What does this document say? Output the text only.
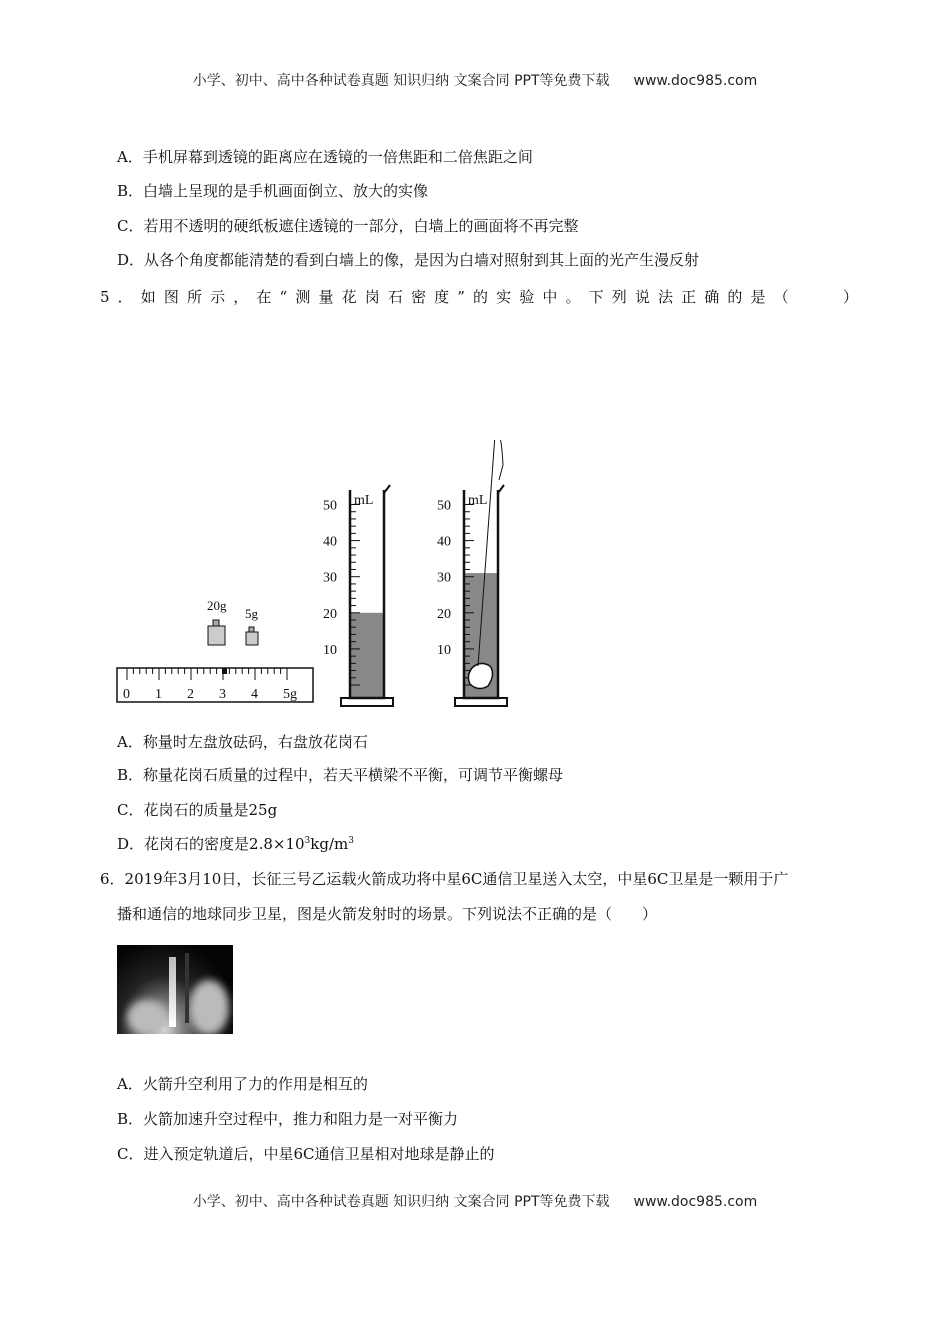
小学、初中、高中各种试卷真题 知识归纳 文案合同 PPT等免费下载 www.doc985.com
A．手机屏幕到透镜的距离应在透镜的一倍焦距和二倍焦距之间
B．白墙上呈现的是手机画面倒立、放大的实像
C．若用不透明的硬纸板遮住透镜的一部分，白墙上的画面将不再完整
D．从各个角度都能清楚的看到白墙上的像，是因为白墙对照射到其上面的光产生漫反射
5．如图所示，在“测量花岗石密度”的实验中。下列说法正确的是（　　）
20g
5g
0 1 2 3 4 5g
mL
50
40
30
20
10
mL
50
40
30
20
10
A．称量时左盘放砝码，右盘放花岗石
B．称量花岗石质量的过程中，若天平横梁不平衡，可调节平衡螺母
C．花岗石的质量是25g
D．花岗石的密度是$2.8\times 10^3kg/m^3$
6．2019年3月10日，长征三号乙运载火箭成功将中星6C通信卫星送入太空，中星6C卫星是一颗用于广
播和通信的地球同步卫星，图是火箭发射时的场景。下列说法不正确的是（　　）
A．火箭升空利用了力的作用是相互的
B．火箭加速升空过程中，推力和阻力是一对平衡力
C．进入预定轨道后，中星6C通信卫星相对地球是静止的
小学、初中、高中各种试卷真题 知识归纳 文案合同 PPT等免费下载 www.doc985.com
